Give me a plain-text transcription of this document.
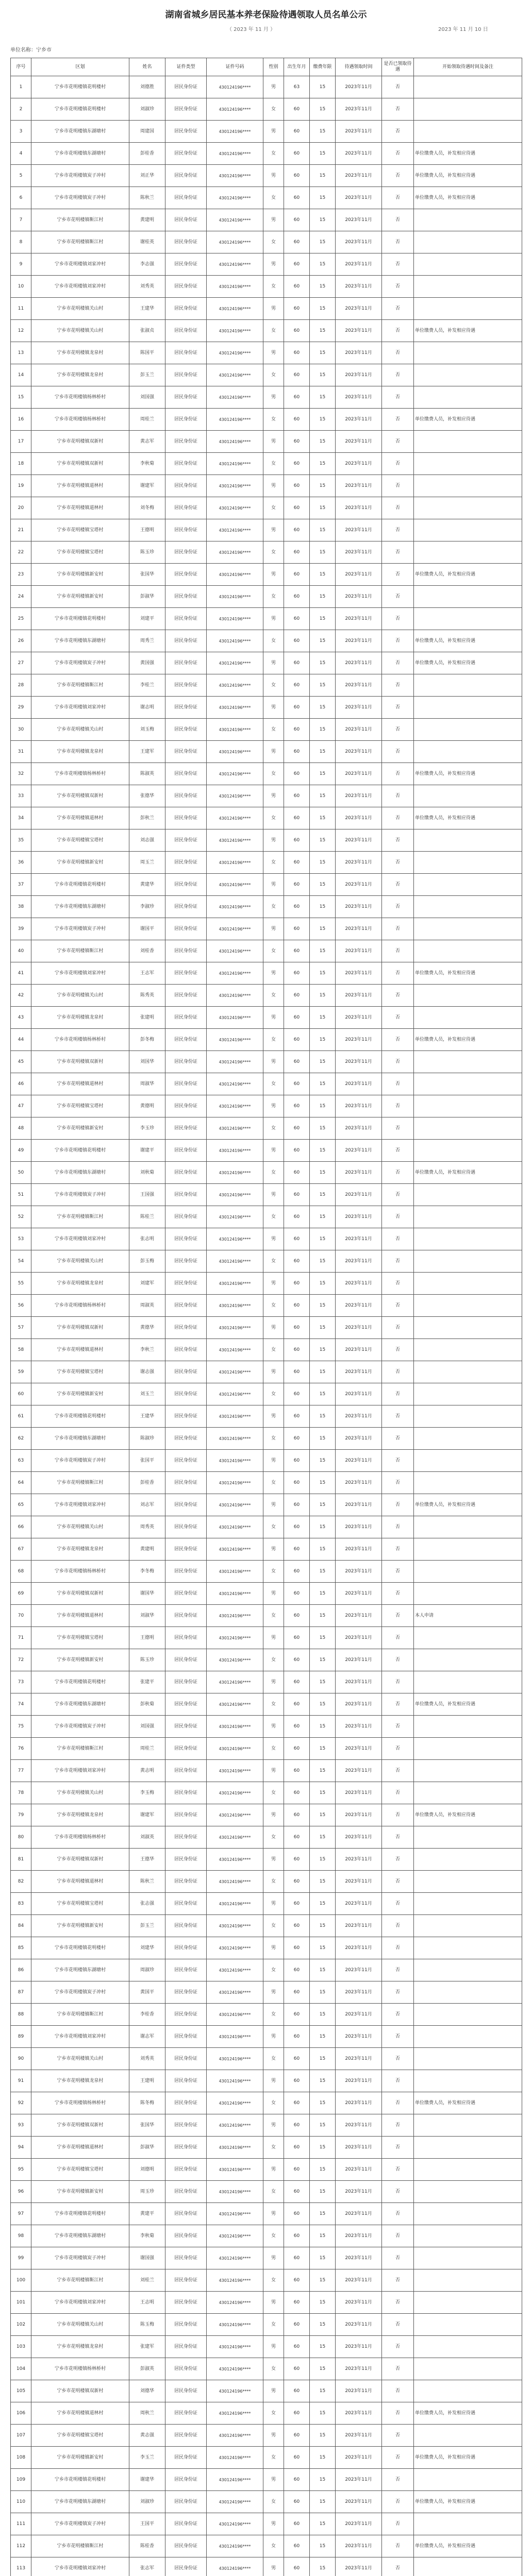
湖南省城乡居民基本养老保险待遇领取人员名单公示
（ 2023 年 11 月 ）	2023 年 11 月 10 日
单位名称：宁乡市
序号	区划	姓名	证件类型	证件号码	性别	出生年月	缴费年限	待遇领取时间	是否已领取待遇	开始领取待遇时间及备注
1	宁乡市花明楼镇花明楼村	刘德胜	居民身份证	430124196****	男	63	15	2023年11月	否	
2	宁乡市花明楼镇花明楼村	刘淑珍	居民身份证	430124196****	女	60	15	2023年11月	否	
3	宁乡市花明楼镇东湖塘村	周建国	居民身份证	430124196****	男	60	15	2023年11月	否	
4	宁乡市花明楼镇东湖塘村	彭桂香	居民身份证	430124196****	女	60	15	2023年11月	否	单位缴费人员，补发相应待遇
5	宁乡市花明楼镇炭子冲村	刘正华	居民身份证	430124196****	男	60	15	2023年11月	否	单位缴费人员，补发相应待遇
6	宁乡市花明楼镇炭子冲村	陈秋兰	居民身份证	430124196****	女	60	15	2023年11月	否	单位缴费人员，补发相应待遇
7	宁乡市花明楼镇靳江村	黄建明	居民身份证	430124196****	男	60	15	2023年11月	否	
8	宁乡市花明楼镇靳江村	谢桂英	居民身份证	430124196****	女	60	15	2023年11月	否	
9	宁乡市花明楼镇刘家冲村	李志强	居民身份证	430124196****	男	60	15	2023年11月	否	
10	宁乡市花明楼镇刘家冲村	刘秀英	居民身份证	430124196****	女	60	15	2023年11月	否	
11	宁乡市花明楼镇关山村	王建华	居民身份证	430124196****	男	60	15	2023年11月	否	
12	宁乡市花明楼镇关山村	张淑贞	居民身份证	430124196****	女	60	15	2023年11月	否	单位缴费人员，补发相应待遇
13	宁乡市花明楼镇龙泉村	陈国平	居民身份证	430124196****	男	60	15	2023年11月	否	
14	宁乡市花明楼镇龙泉村	彭玉兰	居民身份证	430124196****	女	60	15	2023年11月	否	
15	宁乡市花明楼镇杨林桥村	刘国强	居民身份证	430124196****	男	60	15	2023年11月	否	
16	宁乡市花明楼镇杨林桥村	周桂兰	居民身份证	430124196****	女	60	15	2023年11月	否	单位缴费人员，补发相应待遇
17	宁乡市花明楼镇双新村	黄志军	居民身份证	430124196****	男	60	15	2023年11月	否	
18	宁乡市花明楼镇双新村	李秋菊	居民身份证	430124196****	女	60	15	2023年11月	否	
19	宁乡市花明楼镇道林村	谢建军	居民身份证	430124196****	男	60	15	2023年11月	否	
20	宁乡市花明楼镇道林村	刘冬梅	居民身份证	430124196****	女	60	15	2023年11月	否	
21	宁乡市花明楼镇宝塔村	王德明	居民身份证	430124196****	男	60	15	2023年11月	否	
22	宁乡市花明楼镇宝塔村	陈玉珍	居民身份证	430124196****	女	60	15	2023年11月	否	
23	宁乡市花明楼镇新安村	张国华	居民身份证	430124196****	男	60	15	2023年11月	否	单位缴费人员，补发相应待遇
24	宁乡市花明楼镇新安村	彭淑华	居民身份证	430124196****	女	60	15	2023年11月	否	
25	宁乡市花明楼镇花明楼村	刘建平	居民身份证	430124196****	男	60	15	2023年11月	否	
26	宁乡市花明楼镇东湖塘村	周秀兰	居民身份证	430124196****	女	60	15	2023年11月	否	单位缴费人员，补发相应待遇
27	宁乡市花明楼镇炭子冲村	黄国强	居民身份证	430124196****	男	60	15	2023年11月	否	单位缴费人员，补发相应待遇
28	宁乡市花明楼镇靳江村	李桂兰	居民身份证	430124196****	女	60	15	2023年11月	否	
29	宁乡市花明楼镇刘家冲村	谢志明	居民身份证	430124196****	男	60	15	2023年11月	否	
30	宁乡市花明楼镇关山村	刘玉梅	居民身份证	430124196****	女	60	15	2023年11月	否	
31	宁乡市花明楼镇龙泉村	王建军	居民身份证	430124196****	男	60	15	2023年11月	否	
32	宁乡市花明楼镇杨林桥村	陈淑英	居民身份证	430124196****	女	60	15	2023年11月	否	单位缴费人员，补发相应待遇
33	宁乡市花明楼镇双新村	张德华	居民身份证	430124196****	男	60	15	2023年11月	否	
34	宁乡市花明楼镇道林村	彭秋兰	居民身份证	430124196****	女	60	15	2023年11月	否	单位缴费人员，补发相应待遇
35	宁乡市花明楼镇宝塔村	刘志强	居民身份证	430124196****	男	60	15	2023年11月	否	
36	宁乡市花明楼镇新安村	周玉兰	居民身份证	430124196****	女	60	15	2023年11月	否	
37	宁乡市花明楼镇花明楼村	黄建华	居民身份证	430124196****	男	60	15	2023年11月	否	
38	宁乡市花明楼镇东湖塘村	李淑珍	居民身份证	430124196****	女	60	15	2023年11月	否	
39	宁乡市花明楼镇炭子冲村	谢国平	居民身份证	430124196****	男	60	15	2023年11月	否	
40	宁乡市花明楼镇靳江村	刘桂香	居民身份证	430124196****	女	60	15	2023年11月	否	
41	宁乡市花明楼镇刘家冲村	王志军	居民身份证	430124196****	男	60	15	2023年11月	否	单位缴费人员，补发相应待遇
42	宁乡市花明楼镇关山村	陈秀英	居民身份证	430124196****	女	60	15	2023年11月	否	
43	宁乡市花明楼镇龙泉村	张建明	居民身份证	430124196****	男	60	15	2023年11月	否	
44	宁乡市花明楼镇杨林桥村	彭冬梅	居民身份证	430124196****	女	60	15	2023年11月	否	单位缴费人员，补发相应待遇
45	宁乡市花明楼镇双新村	刘国华	居民身份证	430124196****	男	60	15	2023年11月	否	
46	宁乡市花明楼镇道林村	周淑华	居民身份证	430124196****	女	60	15	2023年11月	否	
47	宁乡市花明楼镇宝塔村	黄德明	居民身份证	430124196****	男	60	15	2023年11月	否	
48	宁乡市花明楼镇新安村	李玉珍	居民身份证	430124196****	女	60	15	2023年11月	否	
49	宁乡市花明楼镇花明楼村	谢建平	居民身份证	430124196****	男	60	15	2023年11月	否	
50	宁乡市花明楼镇东湖塘村	刘秋菊	居民身份证	430124196****	女	60	15	2023年11月	否	单位缴费人员，补发相应待遇
51	宁乡市花明楼镇炭子冲村	王国强	居民身份证	430124196****	男	60	15	2023年11月	否	
52	宁乡市花明楼镇靳江村	陈桂兰	居民身份证	430124196****	女	60	15	2023年11月	否	
53	宁乡市花明楼镇刘家冲村	张志明	居民身份证	430124196****	男	60	15	2023年11月	否	
54	宁乡市花明楼镇关山村	彭玉梅	居民身份证	430124196****	女	60	15	2023年11月	否	
55	宁乡市花明楼镇龙泉村	刘建军	居民身份证	430124196****	男	60	15	2023年11月	否	
56	宁乡市花明楼镇杨林桥村	周淑英	居民身份证	430124196****	女	60	15	2023年11月	否	
57	宁乡市花明楼镇双新村	黄德华	居民身份证	430124196****	男	60	15	2023年11月	否	
58	宁乡市花明楼镇道林村	李秋兰	居民身份证	430124196****	女	60	15	2023年11月	否	
59	宁乡市花明楼镇宝塔村	谢志强	居民身份证	430124196****	男	60	15	2023年11月	否	
60	宁乡市花明楼镇新安村	刘玉兰	居民身份证	430124196****	女	60	15	2023年11月	否	
61	宁乡市花明楼镇花明楼村	王建华	居民身份证	430124196****	男	60	15	2023年11月	否	
62	宁乡市花明楼镇东湖塘村	陈淑珍	居民身份证	430124196****	女	60	15	2023年11月	否	
63	宁乡市花明楼镇炭子冲村	张国平	居民身份证	430124196****	男	60	15	2023年11月	否	
64	宁乡市花明楼镇靳江村	彭桂香	居民身份证	430124196****	女	60	15	2023年11月	否	
65	宁乡市花明楼镇刘家冲村	刘志军	居民身份证	430124196****	男	60	15	2023年11月	否	单位缴费人员，补发相应待遇
66	宁乡市花明楼镇关山村	周秀英	居民身份证	430124196****	女	60	15	2023年11月	否	
67	宁乡市花明楼镇龙泉村	黄建明	居民身份证	430124196****	男	60	15	2023年11月	否	
68	宁乡市花明楼镇杨林桥村	李冬梅	居民身份证	430124196****	女	60	15	2023年11月	否	
69	宁乡市花明楼镇双新村	谢国华	居民身份证	430124196****	男	60	15	2023年11月	否	
70	宁乡市花明楼镇道林村	刘淑华	居民身份证	430124196****	女	60	15	2023年11月	否	本人申请
71	宁乡市花明楼镇宝塔村	王德明	居民身份证	430124196****	男	60	15	2023年11月	否	
72	宁乡市花明楼镇新安村	陈玉珍	居民身份证	430124196****	女	60	15	2023年11月	否	
73	宁乡市花明楼镇花明楼村	张建平	居民身份证	430124196****	男	60	15	2023年11月	否	
74	宁乡市花明楼镇东湖塘村	彭秋菊	居民身份证	430124196****	女	60	15	2023年11月	否	单位缴费人员，补发相应待遇
75	宁乡市花明楼镇炭子冲村	刘国强	居民身份证	430124196****	男	60	15	2023年11月	否	
76	宁乡市花明楼镇靳江村	周桂兰	居民身份证	430124196****	女	60	15	2023年11月	否	
77	宁乡市花明楼镇刘家冲村	黄志明	居民身份证	430124196****	男	60	15	2023年11月	否	
78	宁乡市花明楼镇关山村	李玉梅	居民身份证	430124196****	女	60	15	2023年11月	否	
79	宁乡市花明楼镇龙泉村	谢建军	居民身份证	430124196****	男	60	15	2023年11月	否	单位缴费人员，补发相应待遇
80	宁乡市花明楼镇杨林桥村	刘淑英	居民身份证	430124196****	女	60	15	2023年11月	否	
81	宁乡市花明楼镇双新村	王德华	居民身份证	430124196****	男	60	15	2023年11月	否	
82	宁乡市花明楼镇道林村	陈秋兰	居民身份证	430124196****	女	60	15	2023年11月	否	
83	宁乡市花明楼镇宝塔村	张志强	居民身份证	430124196****	男	60	15	2023年11月	否	
84	宁乡市花明楼镇新安村	彭玉兰	居民身份证	430124196****	女	60	15	2023年11月	否	
85	宁乡市花明楼镇花明楼村	刘建华	居民身份证	430124196****	男	60	15	2023年11月	否	
86	宁乡市花明楼镇东湖塘村	周淑珍	居民身份证	430124196****	女	60	15	2023年11月	否	
87	宁乡市花明楼镇炭子冲村	黄国平	居民身份证	430124196****	男	60	15	2023年11月	否	
88	宁乡市花明楼镇靳江村	李桂香	居民身份证	430124196****	女	60	15	2023年11月	否	
89	宁乡市花明楼镇刘家冲村	谢志军	居民身份证	430124196****	男	60	15	2023年11月	否	
90	宁乡市花明楼镇关山村	刘秀英	居民身份证	430124196****	女	60	15	2023年11月	否	
91	宁乡市花明楼镇龙泉村	王建明	居民身份证	430124196****	男	60	15	2023年11月	否	
92	宁乡市花明楼镇杨林桥村	陈冬梅	居民身份证	430124196****	女	60	15	2023年11月	否	单位缴费人员，补发相应待遇
93	宁乡市花明楼镇双新村	张国华	居民身份证	430124196****	男	60	15	2023年11月	否	
94	宁乡市花明楼镇道林村	彭淑华	居民身份证	430124196****	女	60	15	2023年11月	否	
95	宁乡市花明楼镇宝塔村	刘德明	居民身份证	430124196****	男	60	15	2023年11月	否	
96	宁乡市花明楼镇新安村	周玉珍	居民身份证	430124196****	女	60	15	2023年11月	否	
97	宁乡市花明楼镇花明楼村	黄建平	居民身份证	430124196****	男	60	15	2023年11月	否	
98	宁乡市花明楼镇东湖塘村	李秋菊	居民身份证	430124196****	女	60	15	2023年11月	否	
99	宁乡市花明楼镇炭子冲村	谢国强	居民身份证	430124196****	男	60	15	2023年11月	否	
100	宁乡市花明楼镇靳江村	刘桂兰	居民身份证	430124196****	女	60	15	2023年11月	否	
101	宁乡市花明楼镇刘家冲村	王志明	居民身份证	430124196****	男	60	15	2023年11月	否	
102	宁乡市花明楼镇关山村	陈玉梅	居民身份证	430124196****	女	60	15	2023年11月	否	
103	宁乡市花明楼镇龙泉村	张建军	居民身份证	430124196****	男	60	15	2023年11月	否	
104	宁乡市花明楼镇杨林桥村	彭淑英	居民身份证	430124196****	女	60	15	2023年11月	否	
105	宁乡市花明楼镇双新村	刘德华	居民身份证	430124196****	男	60	15	2023年11月	否	
106	宁乡市花明楼镇道林村	周秋兰	居民身份证	430124196****	女	60	15	2023年11月	否	单位缴费人员，补发相应待遇
107	宁乡市花明楼镇宝塔村	黄志强	居民身份证	430124196****	男	60	15	2023年11月	否	
108	宁乡市花明楼镇新安村	李玉兰	居民身份证	430124196****	女	60	15	2023年11月	否	单位缴费人员，补发相应待遇
109	宁乡市花明楼镇花明楼村	谢建华	居民身份证	430124196****	男	60	15	2023年11月	否	
110	宁乡市花明楼镇东湖塘村	刘淑珍	居民身份证	430124196****	女	60	15	2023年11月	否	单位缴费人员，补发相应待遇
111	宁乡市花明楼镇炭子冲村	王国平	居民身份证	430124196****	男	60	15	2023年11月	否	
112	宁乡市花明楼镇靳江村	陈桂香	居民身份证	430124196****	女	60	15	2023年11月	否	单位缴费人员，补发相应待遇
113	宁乡市花明楼镇刘家冲村	张志军	居民身份证	430124196****	男	60	15	2023年11月	否	
